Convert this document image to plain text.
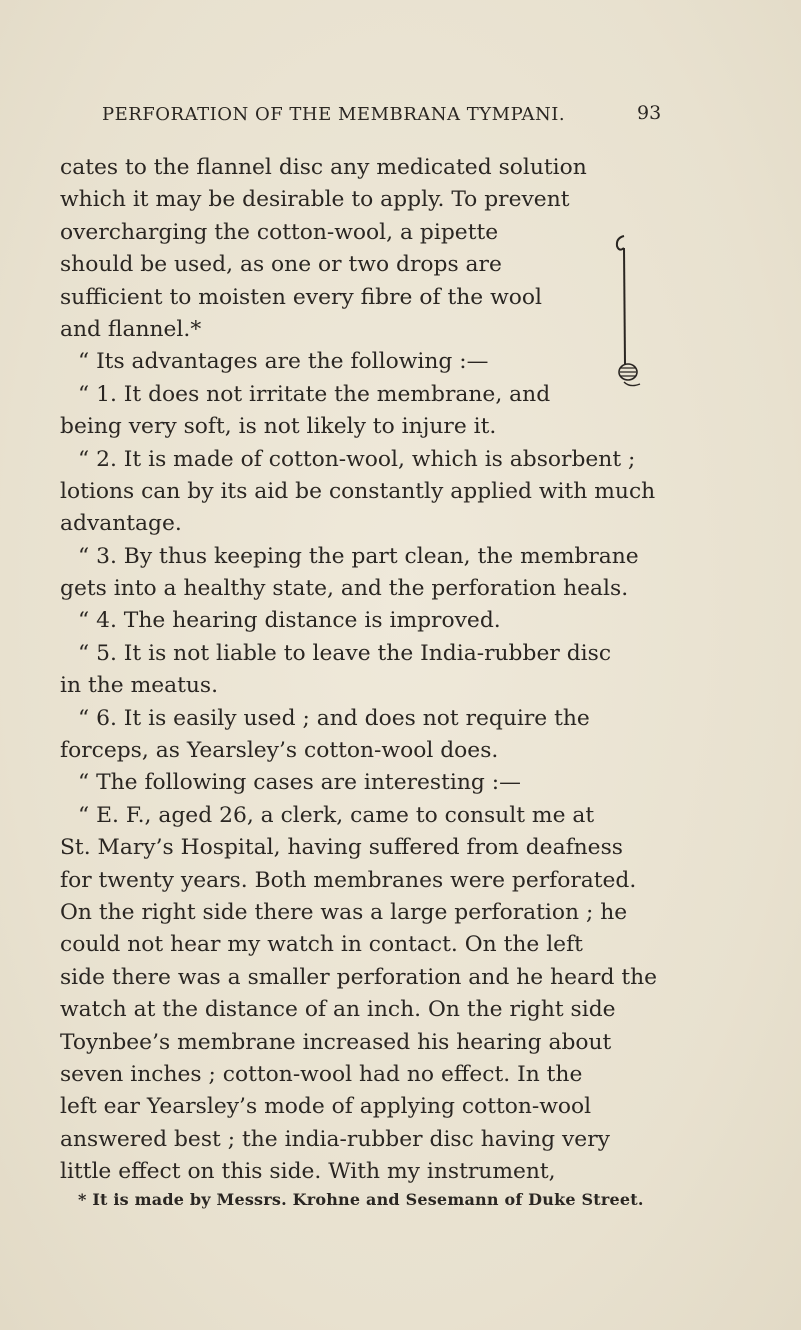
PERFORATION OF THE MEMBRANA TYMPANI.	93
cates to the flannel disc any medicated solution
which it may be desirable to apply. To prevent
overcharging the cotton-wool, a pipette
should be used, as one or two drops are
sufficient to moisten every fibre of the wool
and flannel.*
“ Its advantages are the following :—
“ 1. It does not irritate the membrane, and
being very soft, is not likely to injure it.
“ 2. It is made of cotton-wool, which is absorbent ;
lotions can by its aid be constantly applied with much
advantage.
“ 3. By thus keeping the part clean, the membrane
gets into a healthy state, and the perforation heals.
“ 4. The hearing distance is improved.
“ 5. It is not liable to leave the India-rubber disc
in the meatus.
“ 6. It is easily used ; and does not require the
forceps, as Yearsley’s cotton-wool does.
“ The following cases are interesting :—
“ E. F., aged 26, a clerk, came to consult me at
St. Mary’s Hospital, having suffered from deafness
for twenty years. Both membranes were perforated.
On the right side there was a large perforation ; he
could not hear my watch in contact. On the left
side there was a smaller perforation and he heard the
watch at the distance of an inch. On the right side
Toynbee’s membrane increased his hearing about
seven inches ; cotton-wool had no effect. In the
left ear Yearsley’s mode of applying cotton-wool
answered best ; the india-rubber disc having very
little effect on this side. With my instrument,
* It is made by Messrs. Krohne and Sesemann of Duke Street.
